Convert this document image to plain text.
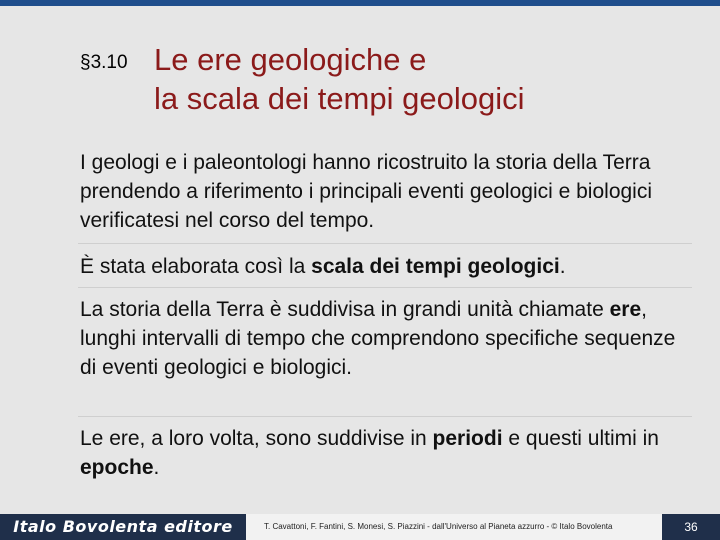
§3.10 Le ere geologiche e
la scala dei tempi geologici
I geologi e i paleontologi hanno ricostruito la storia della Terra prendendo a riferimento i principali eventi geologici e biologici verificatesi nel corso del tempo.
È stata elaborata così la scala dei tempi geologici.
La storia della Terra è suddivisa in grandi unità chiamate ere, lunghi intervalli di tempo che comprendono specifiche sequenze di eventi geologici e biologici.
Le ere, a loro volta, sono suddivise in periodi e questi ultimi in epoche.
Italo Bovolenta editore	T. Cavattoni, F. Fantini, S. Monesi, S. Piazzini - dall'Universo al Pianeta azzurro - © Italo Bovolenta	36
